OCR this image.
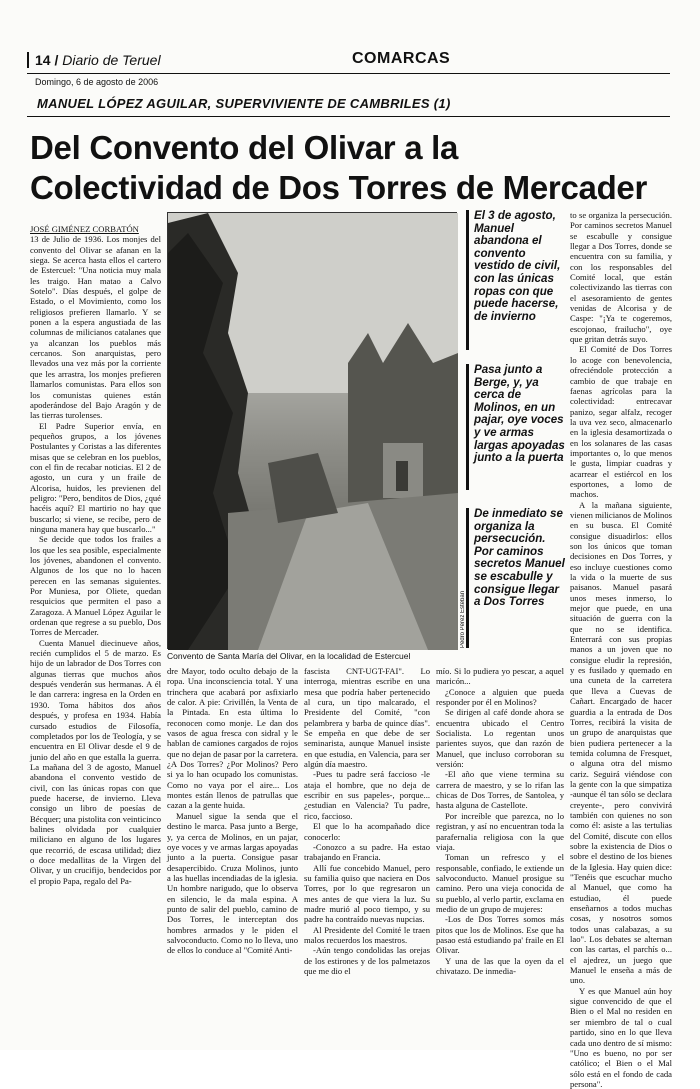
14 / Diario de Teruel	COMARCAS
Domingo, 6 de agosto de 2006
MANUEL LÓPEZ AGUILAR, SUPERVIVIENTE DE CAMBRILES (1)
Del Convento del Olivar a la
Colectividad de Dos Torres de Mercader
Pedro Pérez Esteban
Convento de Santa María del Olivar, en la localidad de Estercuel
El 3 de agosto, Manuel abandona el convento vestido de civil, con las únicas ropas con que puede hacerse, de invierno
Pasa junto a Berge, y, ya cerca de Molinos, en un pajar, oye voces y ve armas largas apoyadas junto a la puerta
De inmediato se organiza la persecución. Por caminos secretos Manuel se escabulle y consigue llegar a Dos Torres
JOSÉ GIMÉNEZ CORBATÓN

13 de Julio de 1936. Los monjes del convento del Olivar se afanan en la siega. Se acerca hasta ellos el cartero de Estercuel: "Una noticia muy mala les traigo. Han matao a Calvo Sotelo". Días después, el golpe de Estado, o el Movimiento, como los religiosos prefieren llamarlo. Y se ponen a la espera angustiada de las columnas de milicianos catalanes que ya alcanzan los pueblos más cercanos. Son anarquistas, pero llevados una vez más por la corriente que les arrastra, los monjes prefieren llamarlos comunistas. Para ellos son los comunistas quienes están apoderándose del Bajo Aragón y de las tierras turolenses.

El Padre Superior envía, en pequeños grupos, a los jóvenes Postulantes y Coristas a las diferentes misas que se celebran en los pueblos, con el fin de recabar noticias. El 2 de agosto, un cura y un fraile de Alcorisa, huidos, les previenen del peligro: "Pero, benditos de Dios, ¿qué hacéis aquí? El martirio no hay que buscarlo; si viene, se recibe, pero de ninguna manera hay que buscarlo..."

Se decide que todos los frailes a los que les sea posible, especialmente los jóvenes, abandonen el convento. Algunos de los que no lo hacen perecen en las semanas siguientes. Por Muniesa, por Oliete, quedan resquicios que permiten el paso a Zaragoza. A Manuel López Aguilar le ordenan que regrese a su pueblo, Dos Torres de Mercader.

Cuenta Manuel diecinueve años, recién cumplidos el 5 de marzo. Es hijo de un labrador de Dos Torres con algunas tierras que muchos años después venderán sus hermanas. A él le dan carrera: ingresa en la Orden en 1930. Toma hábitos dos años después, y profesa en 1934. Había cursado estudios de Filosofía, completados por los de Teología, y se encuentra en El Olivar desde el 9 de junio del año en que estalla la guerra. La mañana del 3 de agosto, Manuel abandona el convento vestido de civil, con las únicas ropas con que puede hacerse, de invierno. Lleva consigo un libro de poesías de Bécquer; una pistolita con veinticinco balines olvidada por cualquier miliciano en alguno de los lugares que recorrió, de escasa utilidad; diez o doce medallitas de la Virgen del Olivar, y un crucifijo, bendecidos por el propio Papa, regalo del Pa-

dre Mayor, todo oculto debajo de la ropa. Una inconsciencia total. Y una trinchera que acabará por asfixiarlo de calor. A pie: Crivillén, la Venta de la Pintada. En esta última lo reconocen como monje. Le dan dos vasos de agua fresca con sidral y le hablan de camiones cargados de rojos que no dejan de pasar por la carretera. ¿A Dos Torres? ¿Por Molinos? Pero si ya lo han ocupado los comunistas. Como no vaya por el aire... Los montes están llenos de patrullas que cazan a la gente huida.

Manuel sigue la senda que el destino le marca. Pasa junto a Berge, y, ya cerca de Molinos, en un pajar, oye voces y ve armas largas apoyadas junto a la puerta. Consigue pasar desapercibido. Cruza Molinos, junto a las huellas incendiadas de la iglesia. Un hombre narigudo, que lo observa en silencio, le da mala espina. A punto de salir del pueblo, camino de Dos Torres, le interceptan dos hombres armados y le piden el salvoconducto. Como no lo lleva, uno de ellos lo conduce al "Comité Anti-

fascista CNT-UGT-FAI". Lo interroga, mientras escribe en una mesa que podría haber pertenecido al cura, un tipo malcarado, el Presidente del Comité, "con pelambrera y barba de quince días". Se empeña en que debe de ser seminarista, aunque Manuel insiste en que estudia, en Valencia, para ser algún día maestro.

-Pues tu padre será faccioso -le ataja el hombre, que no deja de escribir en sus papeles-, porque... ¿estudian en Valencia? Tu padre, rico, faccioso.

El que lo ha acompañado dice conocerlo:

-Conozco a su padre. Ha estao trabajando en Francia.

Allí fue concebido Manuel, pero su familia quiso que naciera en Dos Torres, por lo que regresaron un mes antes de que viera la luz. Su madre murió al poco tiempo, y su padre ha contraído nuevas nupcias.

Al Presidente del Comité le traen malos recuerdos los maestros.

-Aún tengo condolidas las orejas de los estirones y de los palmetazos que me dio el

mío. Si lo pudiera yo pescar, a aquel maricón...

¿Conoce a alguien que pueda responder por él en Molinos?

Se dirigen al café donde ahora se encuentra ubicado el Centro Socialista. Lo regentan unos parientes suyos, que dan razón de Manuel, que incluso corroboran su versión:

-El año que viene termina su carrera de maestro, y se lo rifan las chicas de Dos Torres, de Santolea, y hasta alguna de Castellote.

Por increíble que parezca, no lo registran, y así no encuentran toda la parafernalia religiosa con la que viaja.

Toman un refresco y el responsable, confiado, le extiende un salvoconducto. Manuel prosigue su camino. Pero una vieja conocida de su pueblo, al verlo partir, exclama en medio de un grupo de mujeres:

-Los de Dos Torres somos más pitos que los de Molinos. Ese que ha pasao está estudiando pa' fraile en El Olivar.

Y una de las que la oyen da el chivatazo. De inmedia-

to se organiza la persecución. Por caminos secretos Manuel se escabulle y consigue llegar a Dos Torres, donde se encuentra con su familia, y con los responsables del Comité local, que están colectivizando las tierras con el asesoramiento de gentes venidas de Alcorisa y de Caspe: "¡Ya te cogeremos, escojonao, frailucho", oye que gritan detrás suyo.

El Comité de Dos Torres lo acoge con benevolencia, ofreciéndole protección a cambio de que trabaje en faenas agrícolas para la colectividad: entrecavar panizo, segar alfalz, recoger la uva vez seco, almacenarlo en la iglesia desamortizada o en los solanares de las casas importantes o, lo que menos le gusta, limpiar cuadras y acarrear el estiércol en los esportones, a lomo de machos.

A la mañana siguiente, vienen milicianos de Molinos en su busca. El Comité consigue disuadirlos: ellos son los únicos que toman decisiones en Dos Torres, y eso incluye cuestiones como la vida o la muerte de sus paisanos. Manuel pasará unos meses inmerso, lo mejor que puede, en una situación de guerra con la que no se identifica. Enterrará con sus propias manos a un joven que no consigue eludir la represión, y es fusilado y quemado en una cuneta de la carretera que lleva a Cuevas de Cañart. Encargado de hacer guardia a la entrada de Dos Torres, recibirá la visita de un grupo de anarquistas que bien pudiera pertenecer a la temida columna de Fresquet, o alguna otra del mismo cariz. Seguirá viéndose con la gente con la que simpatiza -aunque él tan sólo se declara creyente-, pero convivirá también con quienes no son como él: asiste a las tertulias del Comité, discute con ellos sobre la existencia de Dios o sobre el destino de los bienes de la Iglesia. Hay quien dice: "Tenéis que escuchar mucho al Manuel, que como ha estudiao, él puede enseñarnos a todos muchas cosas, y nosotros somos todos unas calabazas, a su lao". Los debates se alternan con las cartas, el parchís o... el ajedrez, un juego que Manuel le enseña a más de uno.

Y es que Manuel aún hoy sigue convencido de que el Bien o el Mal no residen en ser miembro de tal o cual partido, sino en lo que lleva cada uno dentro de sí mismo: "Uno es bueno, no por ser católico; el Bien o el Mal sólo está en el fondo de cada persona".
